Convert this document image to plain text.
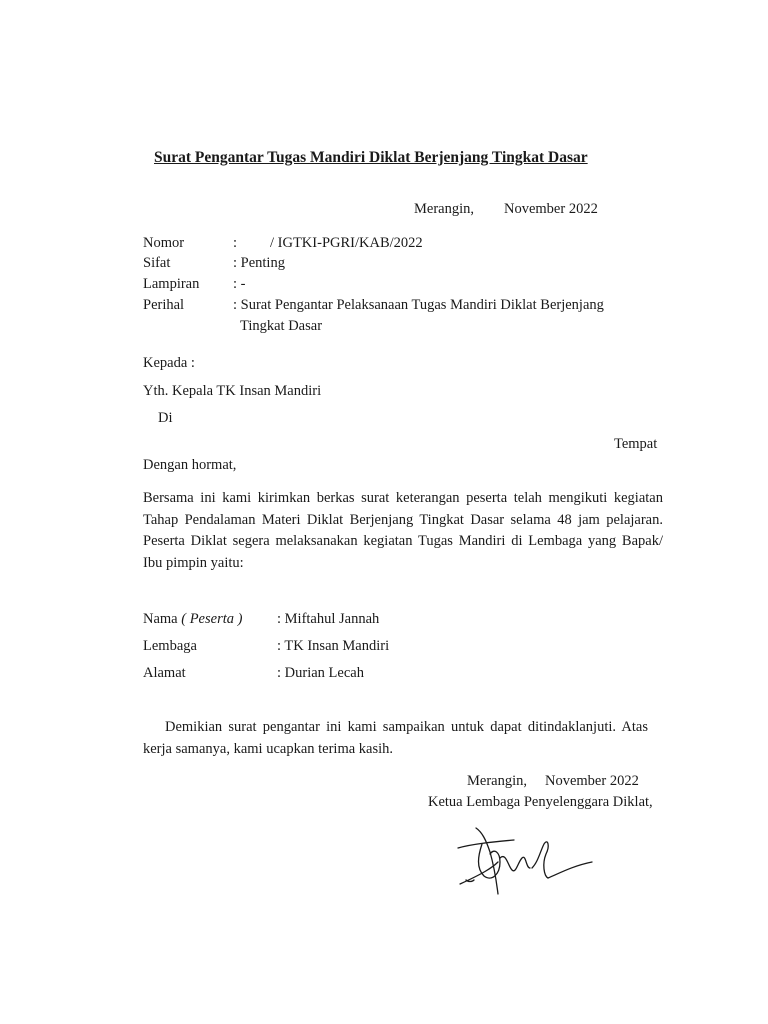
Surat Pengantar Tugas Mandiri Diklat Berjenjang Tingkat Dasar
Merangin, November 2022
Nomor	: / IGTKI-PGRI/KAB/2022
Sifat	: Penting
Lampiran : -
Perihal	: Surat Pengantar Pelaksanaan Tugas Mandiri Diklat Berjenjang
Tingkat Dasar
Kepada :
Yth. Kepala TK Insan Mandiri
Di
Tempat
Dengan hormat,
Bersama ini kami kirimkan berkas surat keterangan peserta telah mengikuti kegiatan Tahap Pendalaman Materi Diklat Berjenjang Tingkat Dasar selama 48 jam pelajaran. Peserta Diklat segera melaksanakan kegiatan Tugas Mandiri di Lembaga yang Bapak/ Ibu pimpin yaitu:
Nama ( Peserta ) : Miftahul Jannah
Lembaga	: TK Insan Mandiri
Alamat	: Durian Lecah
Demikian surat pengantar ini kami sampaikan untuk dapat ditindaklanjuti. Atas kerja samanya, kami ucapkan terima kasih.
Merangin, November 2022
Ketua Lembaga Penyelenggara Diklat,
